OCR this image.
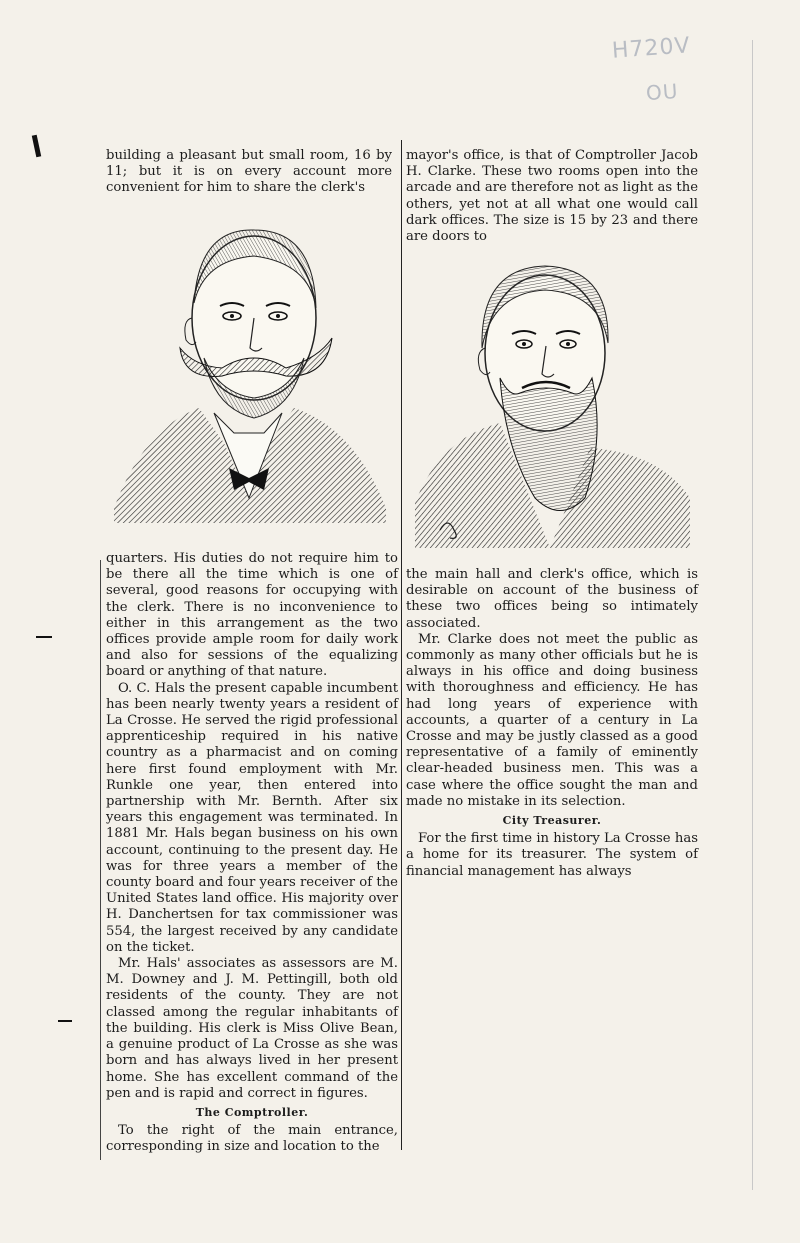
H720V
OU

building a pleasant but small room, 16 by 11; but it is on every account more convenient for him to share the clerk's

quarters. His duties do not require him to be there all the time which is one of several, good reasons for occupying with the clerk. There is no inconvenience to either in this arrangement as the two offices provide ample room for daily work and also for sessions of the equalizing board or anything of that nature.

O. C. Hals the present capable incumbent has been nearly twenty years a resident of La Crosse. He served the rigid professional apprenticeship required in his native country as a pharmacist and on coming here first found employment with Mr. Runkle one year, then entered into partnership with Mr. Bernth. After six years this engagement was terminated. In 1881 Mr. Hals began business on his own account, continuing to the present day. He was for three years a member of the county board and four years receiver of the United States land office. His majority over H. Danchertsen for tax commissioner was 554, the largest received by any candidate on the ticket.

Mr. Hals' associates as assessors are M. M. Downey and J. M. Pettingill, both old residents of the county. They are not classed among the regular inhabitants of the building. His clerk is Miss Olive Bean, a genuine product of La Crosse as she was born and has always lived in her present home. She has excellent command of the pen and is rapid and correct in figures.

The Comptroller.

To the right of the main entrance, corresponding in size and location to the

mayor's office, is that of Comptroller Jacob H. Clarke. These two rooms open into the arcade and are therefore not as light as the others, yet not at all what one would call dark offices. The size is 15 by 23 and there are doors to

the main hall and clerk's office, which is desirable on account of the business of these two offices being so intimately associated.

Mr. Clarke does not meet the public as commonly as many other officials but he is always in his office and doing business with thoroughness and efficiency. He has had long years of experience with accounts, a quarter of a century in La Crosse and may be justly classed as a good representative of a family of eminently clear-headed business men. This was a case where the office sought the man and made no mistake in its selection.

City Treasurer.

For the first time in history La Crosse has a home for its treasurer. The system of financial management has always
